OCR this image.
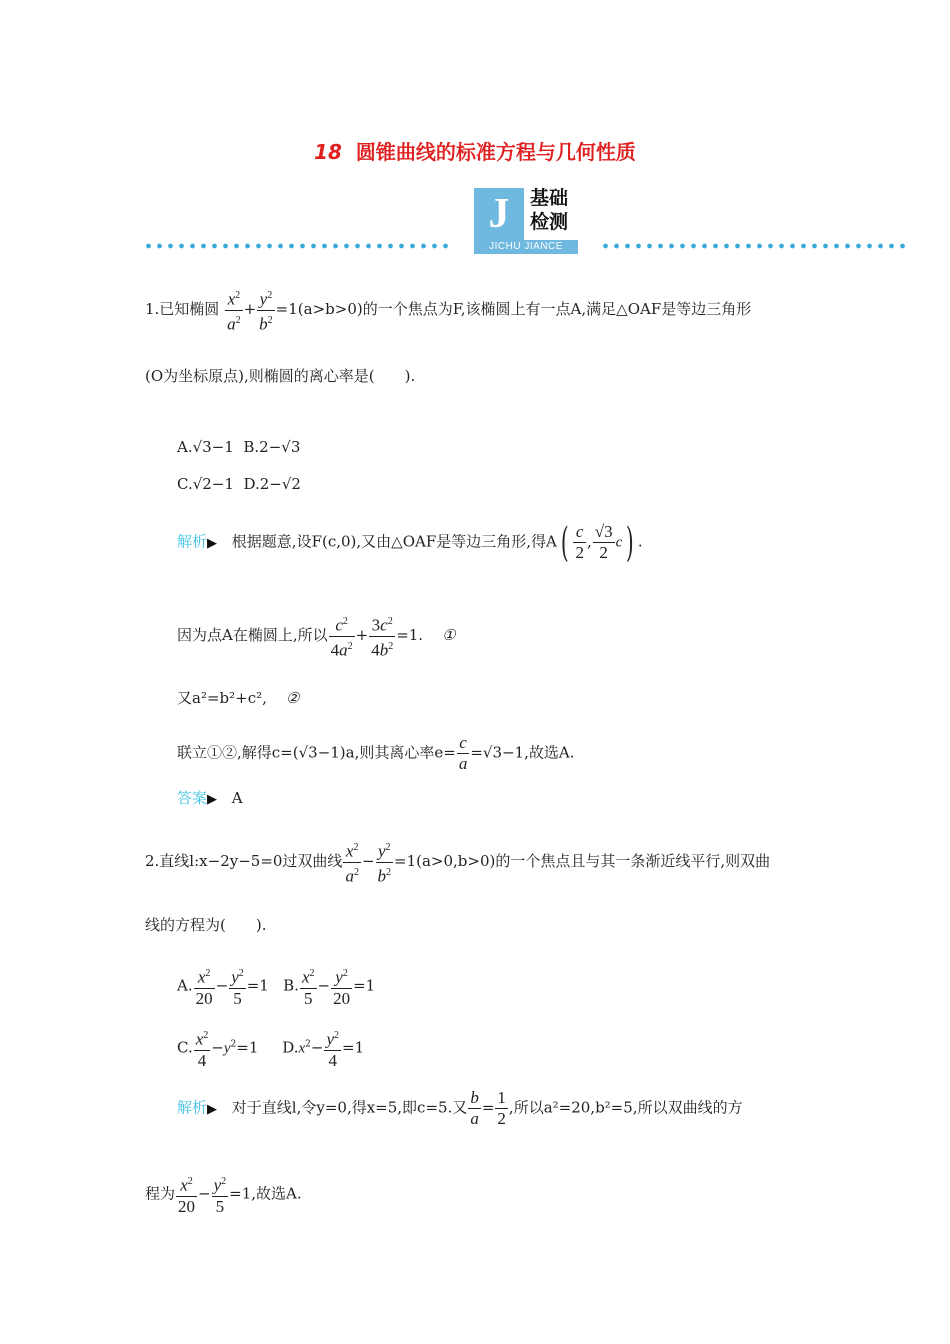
18 圆锥曲线的标准方程与几何性质
J	基础
检测
JICHU JIANCE
1.已知椭圆 $\frac{x^2}{a^2} + \frac{y^2}{b^2} =1(a>b>0)$的一个焦点为F,该椭圆上有一点A,满足△OAF是等边三角形
(O为坐标原点),则椭圆的离心率是(　　).
A.√3−1 B.2−√3
C.√2−1 D.2−√2
解析▶ 根据题意,设F(c,0),又由△OAF是等边三角形,得$A( \frac{c}{2}$ , $\frac{√3}{2} c$) .
因为点A在椭圆上,所以 $\frac{c^2}{4a^2} + \frac{3c^2}{4b^2} =1$. ①
又a²=b²+c², ②
联立①②,解得c=(√3−1)a,则其离心率$e= \frac{c}{a} =√3-1$,故选A.
答案▶ A
2.直线l:x−2y−5=0过双曲线 $\frac{x^2}{a^2} - \frac{y^2}{b^2} =1(a>0,b>0)$的一个焦点且与其一条渐近线平行,则双曲
线的方程为(　　).
A. $\frac{x^2}{20} - \frac{y^2}{5} =1$   B. $\frac{x^2}{5} - \frac{y^2}{20} =1$
C. $\frac{x^2}{4} -y^2=1$     $D.x^2- \frac{y^2}{4} =1$
解析▶ 对于直线l,令y=0,得x=5,即c=5.又 $\frac{b}{a} = \frac{1}{2}$ ,所以a²=20,b²=5,所以双曲线的方
程为 $\frac{x^2}{20} - \frac{y^2}{5} =1$,故选A.
